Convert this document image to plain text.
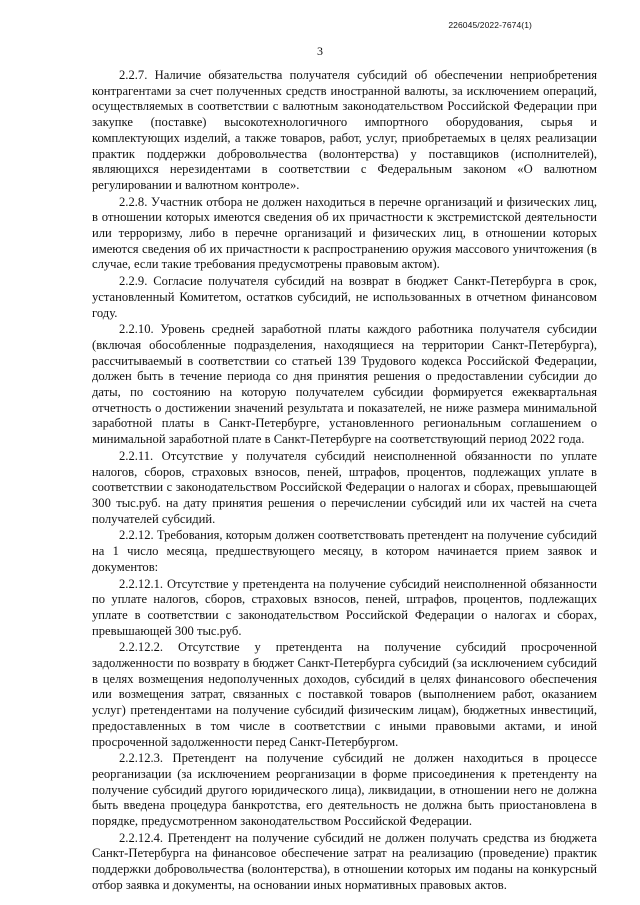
226045/2022-7674(1)
3

2.2.7. Наличие обязательства получателя субсидий об обеспечении неприобретения контрагентами за счет полученных средств иностранной валюты, за исключением операций, осуществляемых в соответствии с валютным законодательством Российской Федерации при закупке (поставке) высокотехнологичного импортного оборудования, сырья и комплектующих изделий, а также товаров, работ, услуг, приобретаемых в целях реализации практик поддержки добровольчества (волонтерства) у поставщиков (исполнителей), являющихся нерезидентами в соответствии с Федеральным законом «О валютном регулировании и валютном контроле».

2.2.8. Участник отбора не должен находиться в перечне организаций и физических лиц, в отношении которых имеются сведения об их причастности к экстремистской деятельности или терроризму, либо в перечне организаций и физических лиц, в отношении которых имеются сведения об их причастности к распространению оружия массового уничтожения (в случае, если такие требования предусмотрены правовым актом).

2.2.9. Согласие получателя субсидий на возврат в бюджет Санкт-Петербурга в срок, установленный Комитетом, остатков субсидий, не использованных в отчетном финансовом году.

2.2.10. Уровень средней заработной платы каждого работника получателя субсидии (включая обособленные подразделения, находящиеся на территории Санкт-Петербурга), рассчитываемый в соответствии со статьей 139 Трудового кодекса Российской Федерации, должен быть в течение периода со дня принятия решения о предоставлении субсидии до даты, по состоянию на которую получателем субсидии формируется ежеквартальная отчетность о достижении значений результата и показателей, не ниже размера минимальной заработной платы в Санкт-Петербурге, установленного региональным соглашением о минимальной заработной плате в Санкт-Петербурге на соответствующий период 2022 года.

2.2.11. Отсутствие у получателя субсидий неисполненной обязанности по уплате налогов, сборов, страховых взносов, пеней, штрафов, процентов, подлежащих уплате в соответствии с законодательством Российской Федерации о налогах и сборах, превышающей 300 тыс.руб. на дату принятия решения о перечислении субсидий или их частей на счета получателей субсидий.

2.2.12. Требования, которым должен соответствовать претендент на получение субсидий на 1 число месяца, предшествующего месяцу, в котором начинается прием заявок и документов:

2.2.12.1. Отсутствие у претендента на получение субсидий неисполненной обязанности по уплате налогов, сборов, страховых взносов, пеней, штрафов, процентов, подлежащих уплате в соответствии с законодательством Российской Федерации о налогах и сборах, превышающей 300 тыс.руб.

2.2.12.2. Отсутствие у претендента на получение субсидий просроченной задолженности по возврату в бюджет Санкт-Петербурга субсидий (за исключением субсидий в целях возмещения недополученных доходов, субсидий в целях финансового обеспечения или возмещения затрат, связанных с поставкой товаров (выполнением работ, оказанием услуг) претендентами на получение субсидий физическим лицам), бюджетных инвестиций, предоставленных в том числе в соответствии с иными правовыми актами, и иной просроченной задолженности перед Санкт-Петербургом.

2.2.12.3. Претендент на получение субсидий не должен находиться в процессе реорганизации (за исключением реорганизации в форме присоединения к претенденту на получение субсидий другого юридического лица), ликвидации, в отношении него не должна быть введена процедура банкротства, его деятельность не должна быть приостановлена в порядке, предусмотренном законодательством Российской Федерации.

2.2.12.4. Претендент на получение субсидий не должен получать средства из бюджета Санкт-Петербурга на финансовое обеспечение затрат на реализацию (проведение) практик поддержки добровольчества (волонтерства), в отношении которых им поданы на конкурсный отбор заявка и документы, на основании иных нормативных правовых актов.
